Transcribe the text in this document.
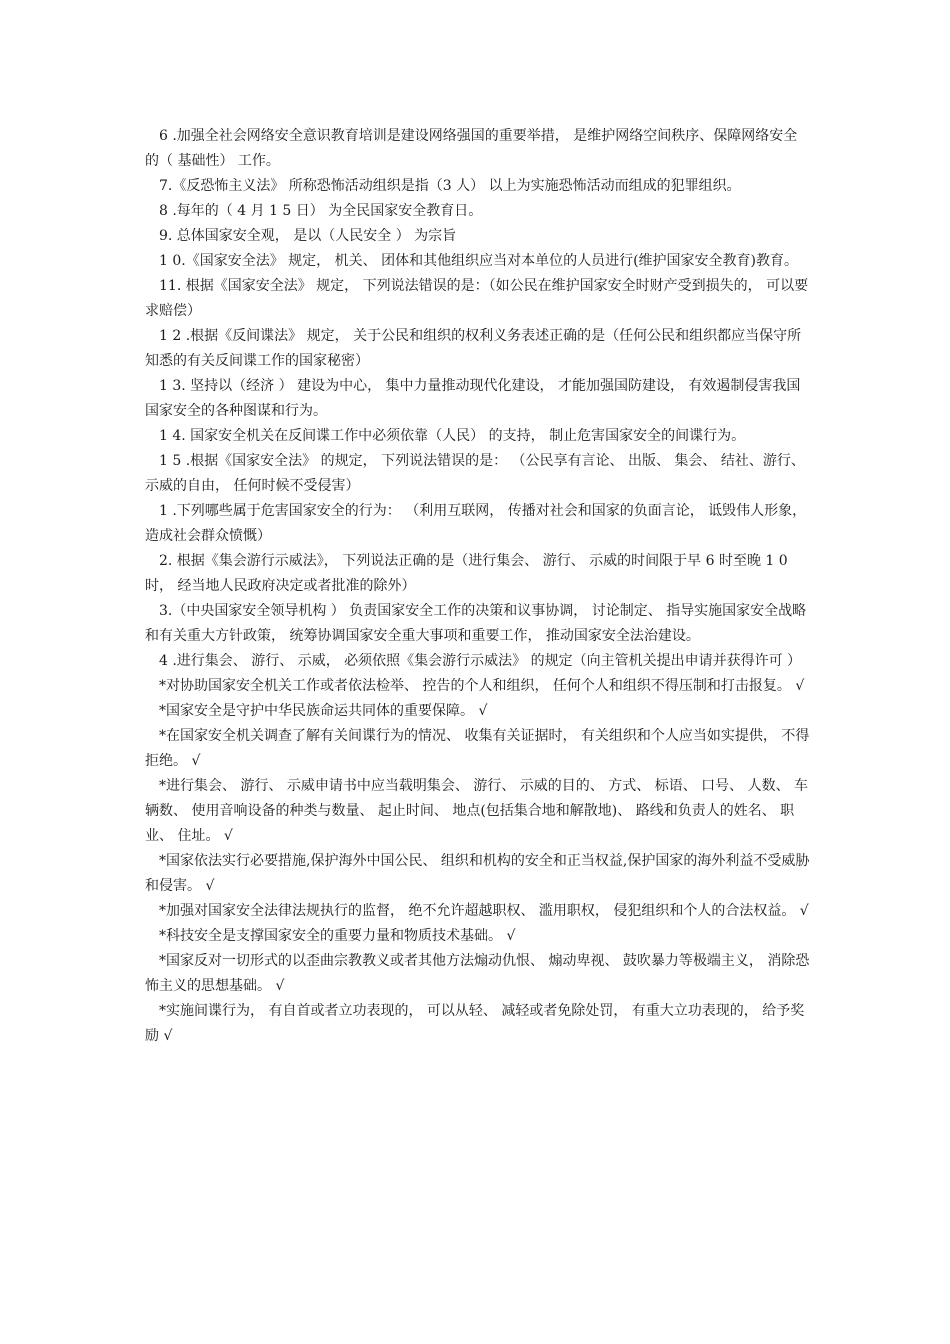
6 .加强全社会网络安全意识教育培训是建设网络强国的重要举措， 是维护网络空间秩序、保障网络安全的（ 基础性） 工作。

7.《反恐怖主义法》 所称恐怖活动组织是指（3 人） 以上为实施恐怖活动而组成的犯罪组织。

8 .每年的（ 4 月 1 5 日） 为全民国家安全教育日。

9. 总体国家安全观， 是以（人民安全 ） 为宗旨

1 0.《国家安全法》 规定， 机关、 团体和其他组织应当对本单位的人员进行(维护国家安全教育)教育。

11. 根据《国家安全法》 规定， 下列说法错误的是：（如公民在维护国家安全时财产受到损失的， 可以要求赔偿）

1 2 .根据《反间谍法》 规定， 关于公民和组织的权利义务表述正确的是（任何公民和组织都应当保守所知悉的有关反间谍工作的国家秘密）

1 3. 坚持以（经济 ） 建设为中心， 集中力量推动现代化建设， 才能加强国防建设， 有效遏制侵害我国国家安全的各种图谋和行为。

1 4. 国家安全机关在反间谍工作中必须依靠（人民） 的支持， 制止危害国家安全的间谍行为。

1 5 .根据《国家安全法》 的规定， 下列说法错误的是： （公民享有言论、 出版、 集会、 结社、游行、 示威的自由， 任何时候不受侵害）

1 .下列哪些属于危害国家安全的行为： （利用互联网， 传播对社会和国家的负面言论， 诋毁伟人形象， 造成社会群众愤慨）

2. 根据《集会游行示威法》， 下列说法正确的是（进行集会、 游行、 示威的时间限于早 6 时至晚 1 0 时， 经当地人民政府决定或者批准的除外）

3.（中央国家安全领导机构 ） 负责国家安全工作的决策和议事协调， 讨论制定、 指导实施国家安全战略和有关重大方针政策， 统筹协调国家安全重大事项和重要工作， 推动国家安全法治建设。

4 .进行集会、 游行、 示威， 必须依照《集会游行示威法》 的规定（向主管机关提出申请并获得许可 ）

*对协助国家安全机关工作或者依法检举、 控告的个人和组织， 任何个人和组织不得压制和打击报复。 √

*国家安全是守护中华民族命运共同体的重要保障。 √

*在国家安全机关调查了解有关间谍行为的情况、 收集有关证据时， 有关组织和个人应当如实提供， 不得拒绝。 √

*进行集会、 游行、 示威申请书中应当载明集会、 游行、 示威的目的、 方式、 标语、 口号、 人数、 车辆数、 使用音响设备的种类与数量、 起止时间、 地点(包括集合地和解散地)、 路线和负责人的姓名、 职业、 住址。 √

*国家依法实行必要措施,保护海外中国公民、 组织和机构的安全和正当权益,保护国家的海外利益不受威胁和侵害。 √

*加强对国家安全法律法规执行的监督， 绝不允许超越职权、 滥用职权， 侵犯组织和个人的合法权益。 √

*科技安全是支撑国家安全的重要力量和物质技术基础。 √

*国家反对一切形式的以歪曲宗教教义或者其他方法煽动仇恨、 煽动卑视、 鼓吹暴力等极端主义， 消除恐怖主义的思想基础。 √

*实施间谍行为， 有自首或者立功表现的， 可以从轻、 减轻或者免除处罚， 有重大立功表现的， 给予奖励 √
